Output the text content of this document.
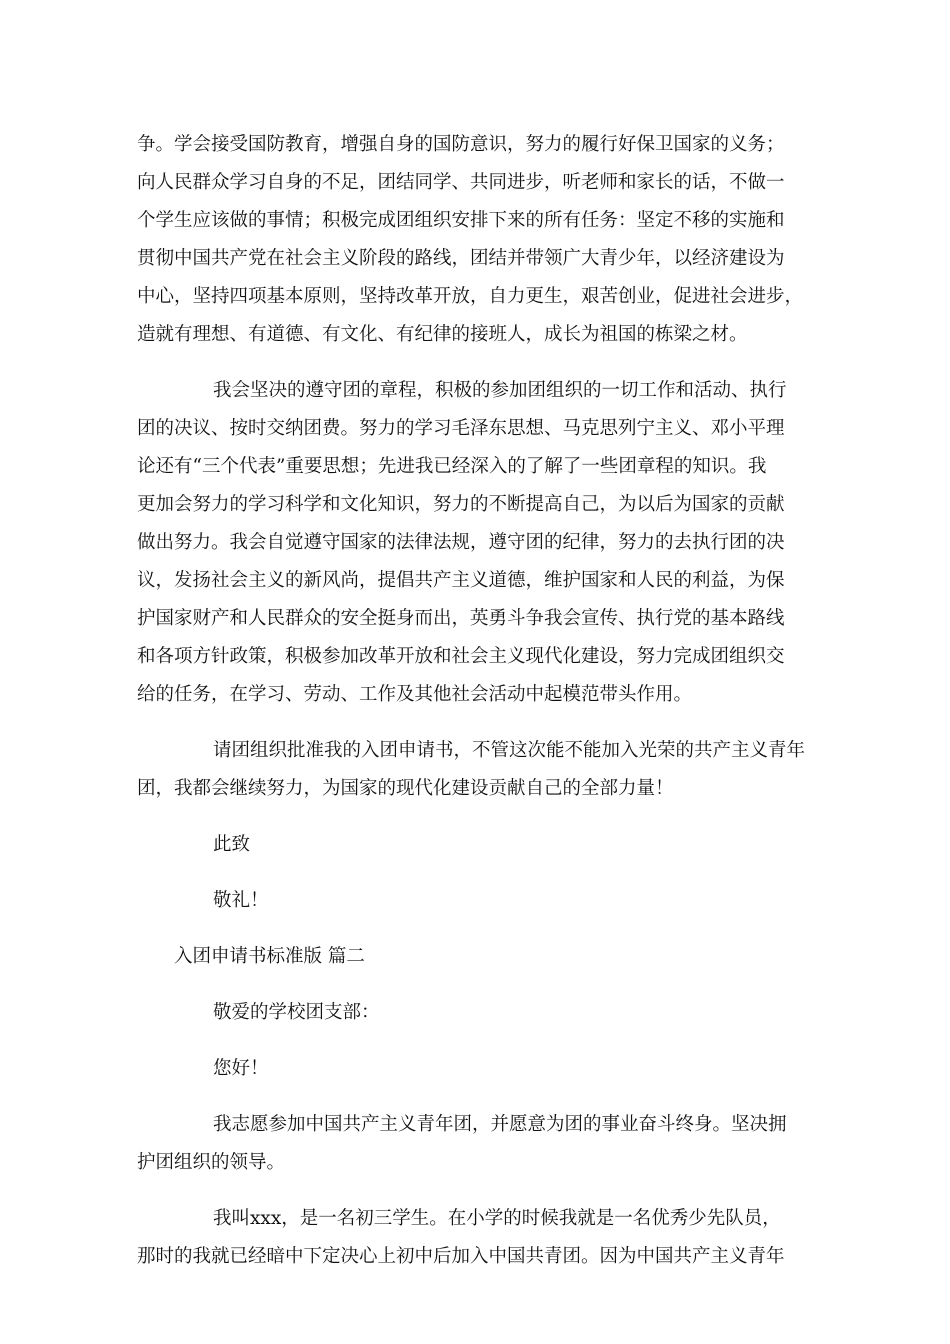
争。学会接受国防教育，增强自身的国防意识，努力的履行好保卫国家的义务；
向人民群众学习自身的不足，团结同学、共同进步，听老师和家长的话，不做一
个学生应该做的事情；积极完成团组织安排下来的所有任务：坚定不移的实施和
贯彻中国共产党在社会主义阶段的路线，团结并带领广大青少年，以经济建设为
中心，坚持四项基本原则，坚持改革开放，自力更生，艰苦创业，促进社会进步，
造就有理想、有道德、有文化、有纪律的接班人，成长为祖国的栋梁之材。

我会坚决的遵守团的章程，积极的参加团组织的一切工作和活动、执行
团的决议、按时交纳团费。努力的学习毛泽东思想、马克思列宁主义、邓小平理
论还有“三个代表”重要思想；先进我已经深入的了解了一些团章程的知识。我
更加会努力的学习科学和文化知识，努力的不断提高自己，为以后为国家的贡献
做出努力。我会自觉遵守国家的法律法规，遵守团的纪律，努力的去执行团的决
议，发扬社会主义的新风尚，提倡共产主义道德，维护国家和人民的利益，为保
护国家财产和人民群众的安全挺身而出，英勇斗争我会宣传、执行党的基本路线
和各项方针政策，积极参加改革开放和社会主义现代化建设，努力完成团组织交
给的任务，在学习、劳动、工作及其他社会活动中起模范带头作用。

请团组织批准我的入团申请书，不管这次能不能加入光荣的共产主义青年
团，我都会继续努力，为国家的现代化建设贡献自己的全部力量！

此致

敬礼！

入团申请书标准版 篇二

敬爱的学校团支部：

您好！

我志愿参加中国共产主义青年团，并愿意为团的事业奋斗终身。坚决拥
护团组织的领导。

我叫xxx，是一名初三学生。在小学的时候我就是一名优秀少先队员，
那时的我就已经暗中下定决心上初中后加入中国共青团。因为中国共产主义青年
